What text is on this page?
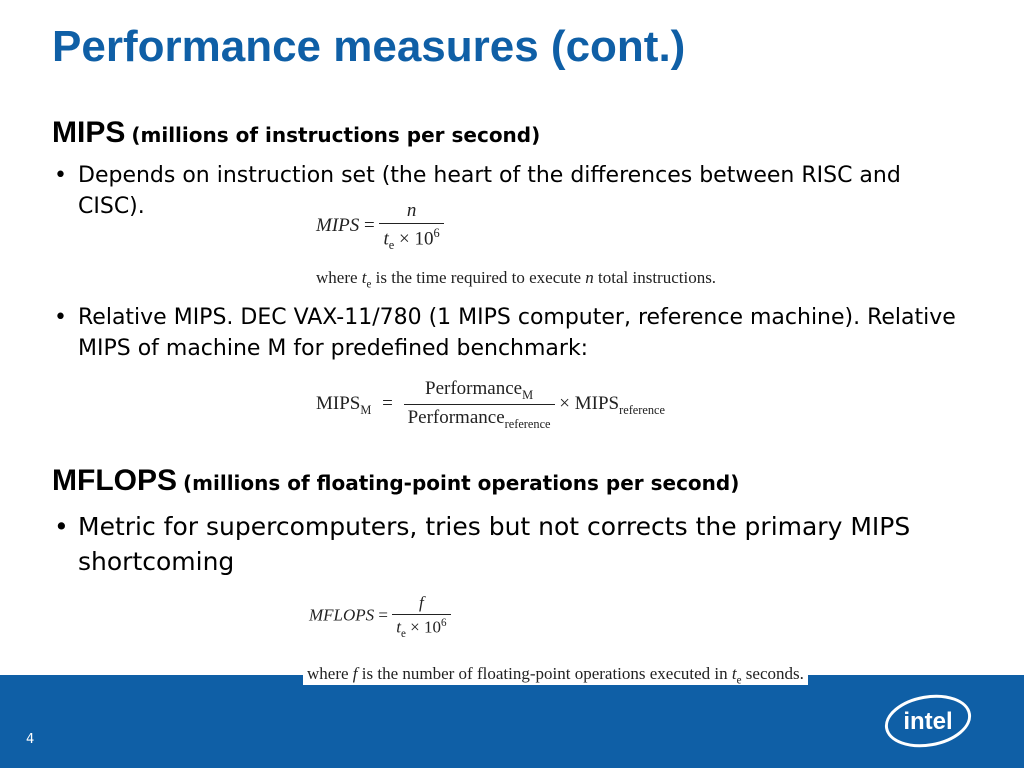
Performance measures (cont.)
MIPS (millions of instructions per second)
• Depends on instruction set (the heart of the differences between RISC and CISC).
MIPS = $\frac{n}{t_e \times 10^6}$
where $t_e$ is the time required to execute n total instructions.
• Relative MIPS. DEC VAX-11/780 (1 MIPS computer, reference machine). Relative MIPS of machine M for predefined benchmark:
$MIPS_M = \frac{Performance_M}{Performance_{reference}}$ × $MIPS_{reference}$
MFLOPS (millions of floating-point operations per second)
• Metric for supercomputers, tries but not corrects the primary MIPS shortcoming
MFLOPS = $\frac{f}{t_e \times 10^6}$
where f is the number of floating-point operations executed in $t_e$ seconds.
4
intel
